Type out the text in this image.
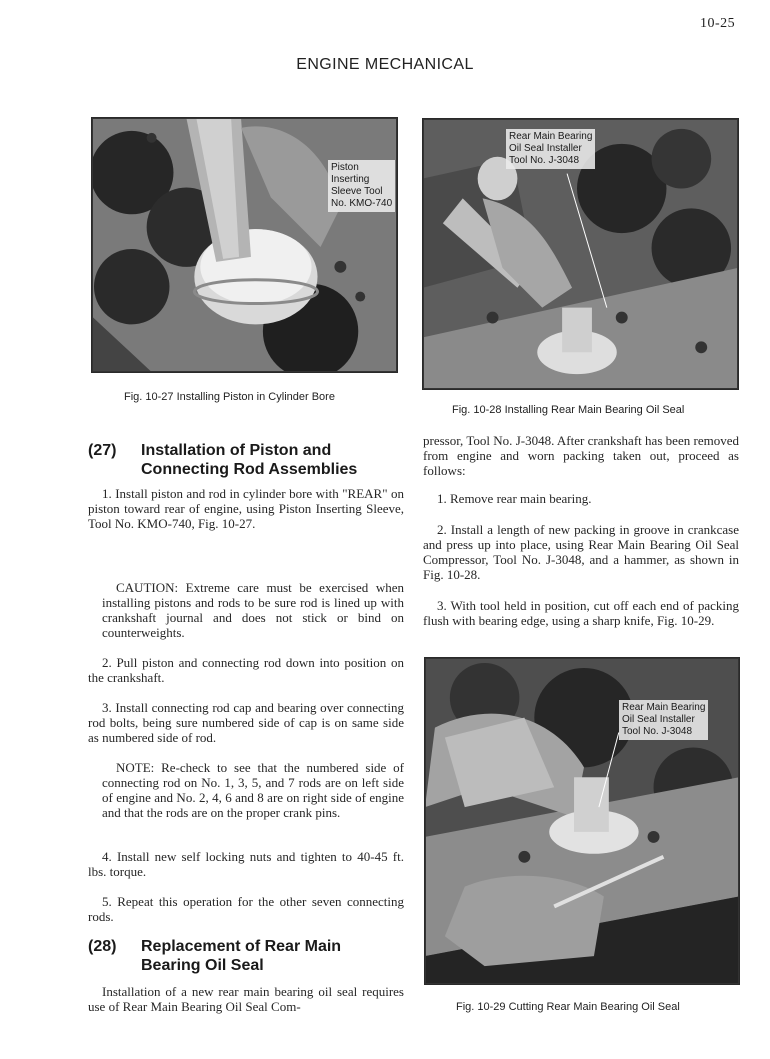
10-25
ENGINE MECHANICAL
Piston
Inserting
Sleeve Tool
No. KMO-740
Fig. 10-27 Installing Piston in Cylinder Bore
Rear Main Bearing
Oil Seal Installer
Tool No. J-3048
Fig. 10-28 Installing Rear Main Bearing Oil Seal
(27)	Installation of Piston and
Connecting Rod Assemblies

1. Install piston and rod in cylinder bore with "REAR" on piston toward rear of engine, using Piston Inserting Sleeve, Tool No. KMO-740, Fig. 10-27.

CAUTION: Extreme care must be exercised when installing pistons and rods to be sure rod is lined up with crankshaft journal and does not stick or bind on counterweights.

2. Pull piston and connecting rod down into position on the crankshaft.

3. Install connecting rod cap and bearing over connecting rod bolts, being sure numbered side of cap is on same side as numbered side of rod.

NOTE: Re-check to see that the numbered side of connecting rod on No. 1, 3, 5, and 7 rods are on left side of engine and No. 2, 4, 6 and 8 are on right side of engine and that the rods are on the proper crank pins.

4. Install new self locking nuts and tighten to 40-45 ft. lbs. torque.

5. Repeat this operation for the other seven connecting rods.

(28)	Replacement of Rear Main
Bearing Oil Seal

Installation of a new rear main bearing oil seal requires use of Rear Main Bearing Oil Seal Com-

pressor, Tool No. J-3048. After crankshaft has been removed from engine and worn packing taken out, proceed as follows:

1. Remove rear main bearing.

2. Install a length of new packing in groove in crankcase and press up into place, using Rear Main Bearing Oil Seal Compressor, Tool No. J-3048, and a hammer, as shown in Fig. 10-28.

3. With tool held in position, cut off each end of packing flush with bearing edge, using a sharp knife, Fig. 10-29.

Rear Main Bearing
Oil Seal Installer
Tool No. J-3048
Fig. 10-29 Cutting Rear Main Bearing Oil Seal
